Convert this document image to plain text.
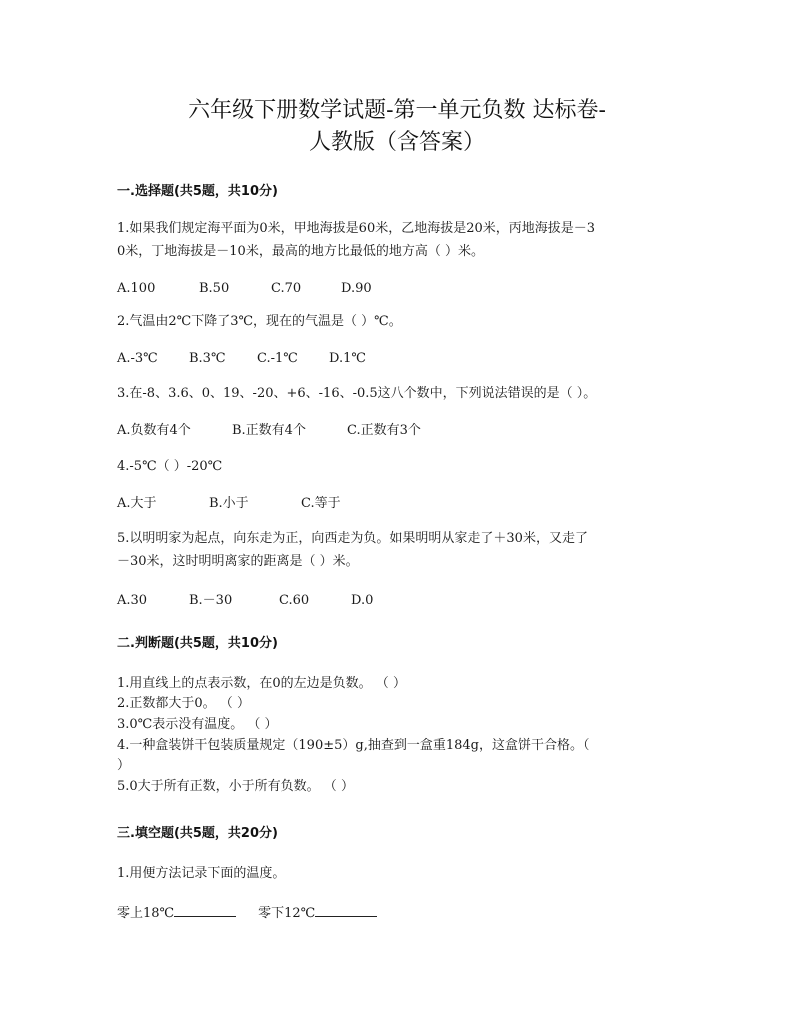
六年级下册数学试题-第一单元负数 达标卷-
人教版（含答案）
一.选择题(共5题，共10分)
1.如果我们规定海平面为0米，甲地海拔是60米，乙地海拔是20米，丙地海拔是－3
0米，丁地海拔是－10米，最高的地方比最低的地方高（ ）米。
A.100	B.50	C.70	D.90
2.气温由2℃下降了3℃，现在的气温是（ ）℃。
A.-3℃ B.3℃ C.-1℃ D.1℃
3.在-8、3.6、0、19、-20、+6、-16、-0.5这八个数中，下列说法错误的是（ ）。
A.负数有4个	B.正数有4个	C.正数有3个
4.-5℃（ ）-20℃
A.大于	B.小于	C.等于
5.以明明家为起点，向东走为正，向西走为负。如果明明从家走了＋30米，又走了
－30米，这时明明离家的距离是（ ）米。
A.30	B.－30	C.60	D.0
二.判断题(共5题，共10分)
1.用直线上的点表示数，在0的左边是负数。 （ ）
2.正数都大于0。 （ ）
3.0℃表示没有温度。 （ ）
4.一种盒装饼干包装质量规定（190±5）g,抽查到一盒重184g，这盒饼干合格。（
）
5.0大于所有正数，小于所有负数。 （ ）
三.填空题(共5题，共20分)
1.用便方法记录下面的温度。
零上18℃	零下12℃
